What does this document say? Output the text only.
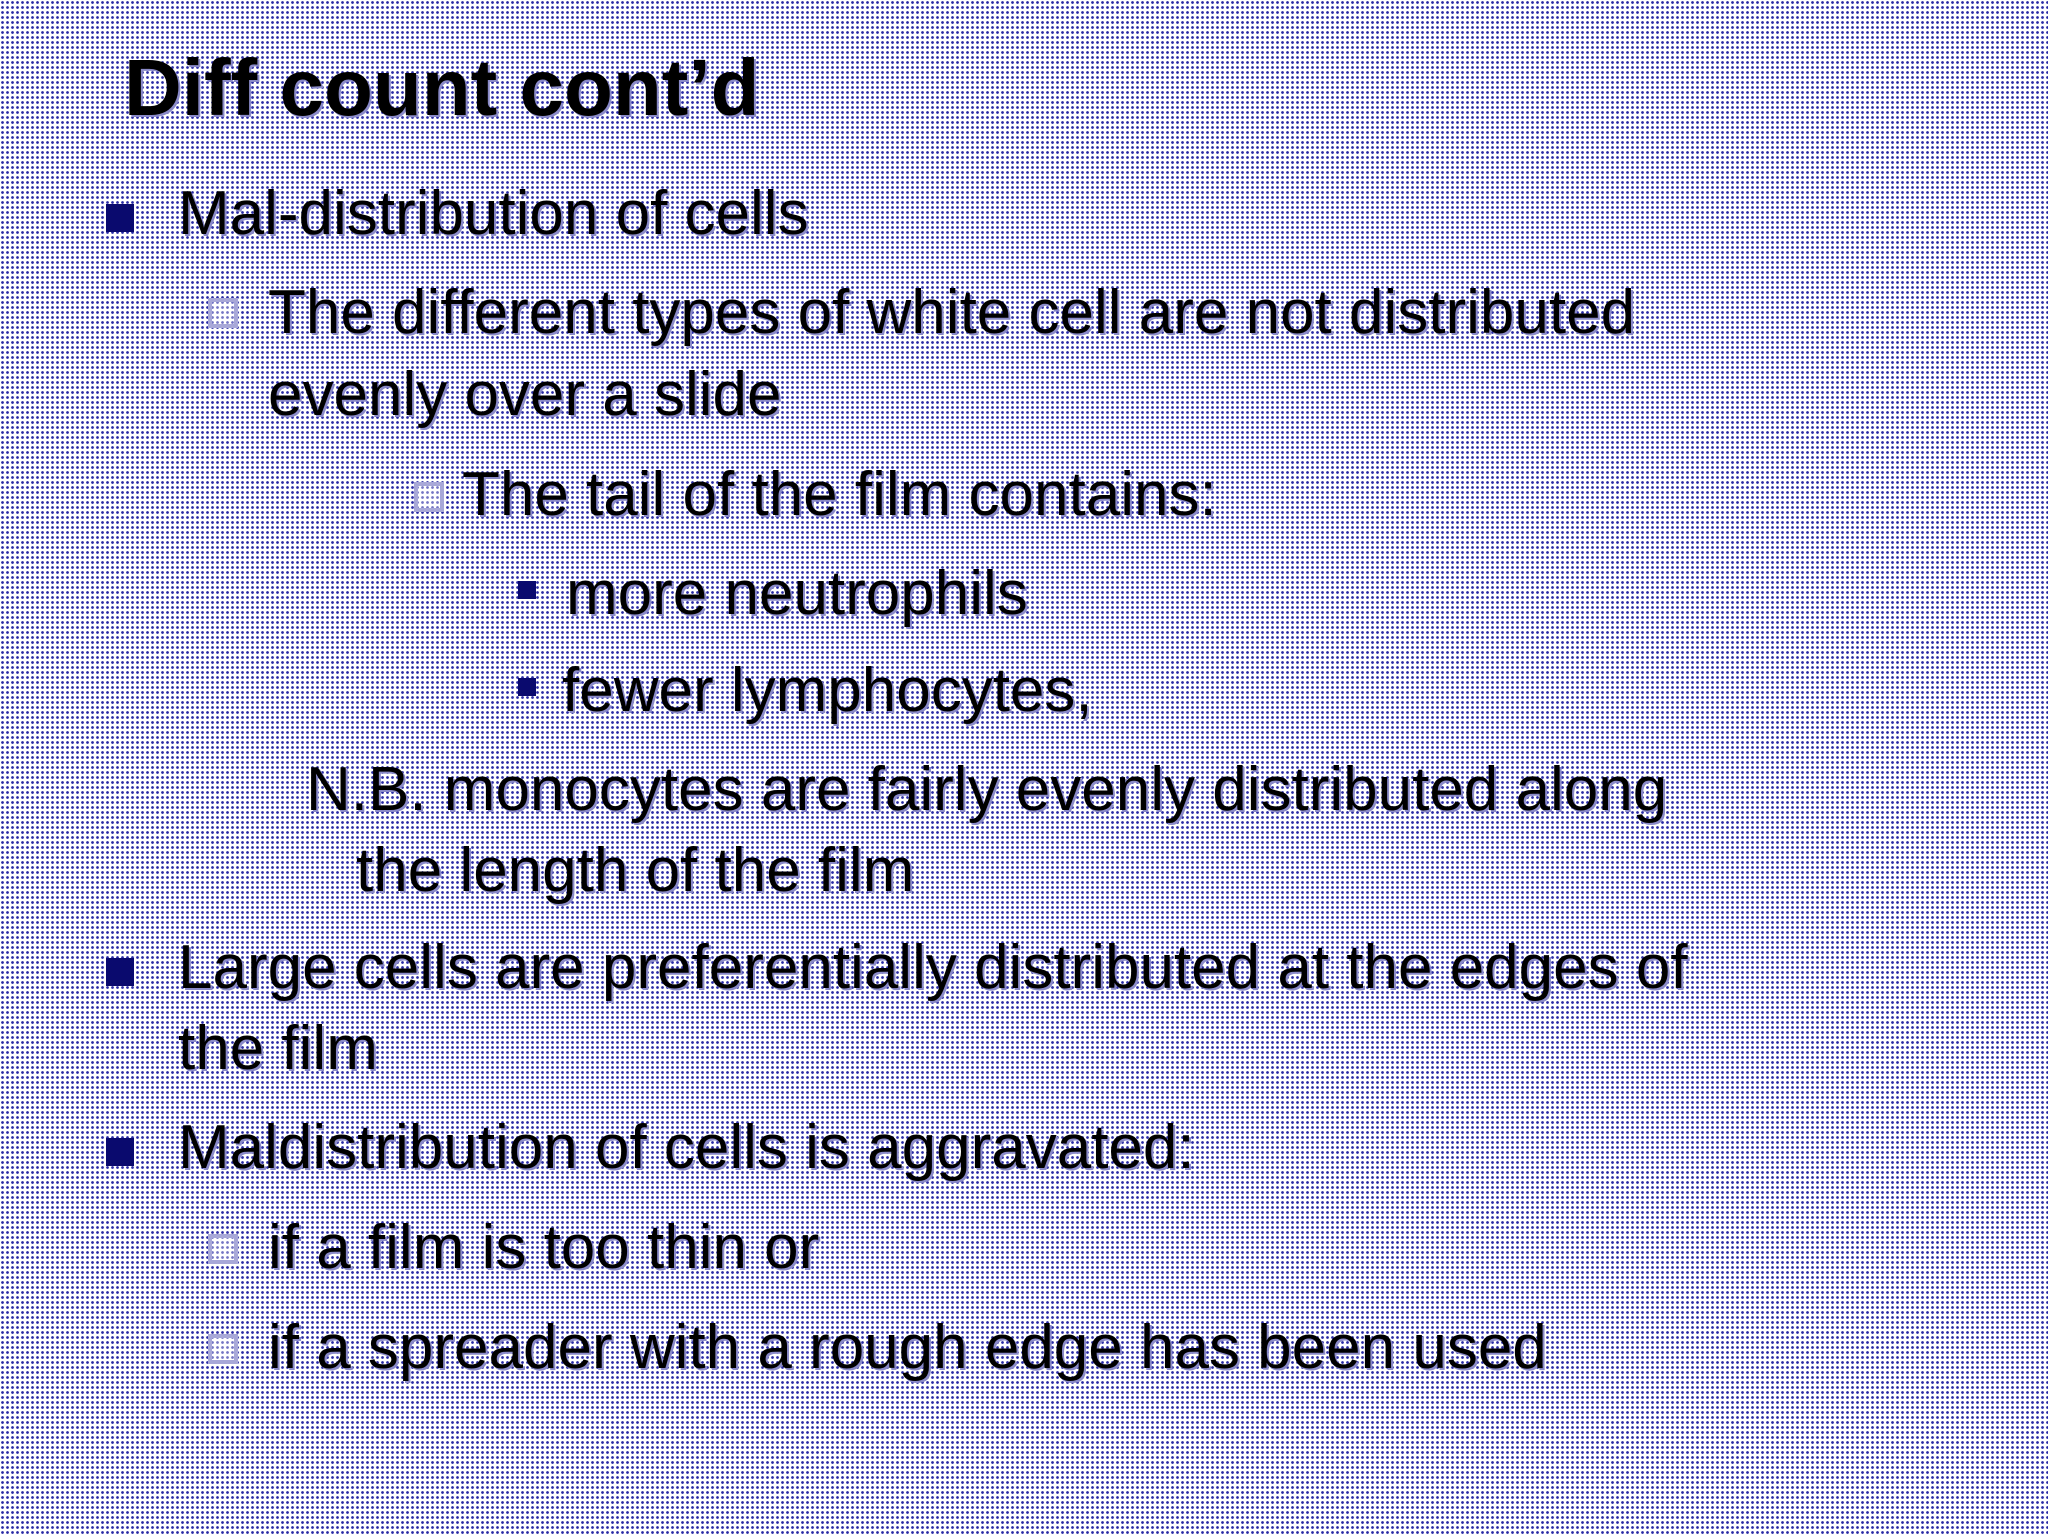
Diff count cont’d
Mal-distribution of cells
The different types of white cell are not distributed
evenly over a slide
The tail of the film contains:
more neutrophils
fewer lymphocytes,
N.B. monocytes are fairly evenly distributed along
the length of the film
Large cells are preferentially distributed at the edges of
the film
Maldistribution of cells is aggravated:
if a film is too thin or
if a spreader with a rough edge has been used
